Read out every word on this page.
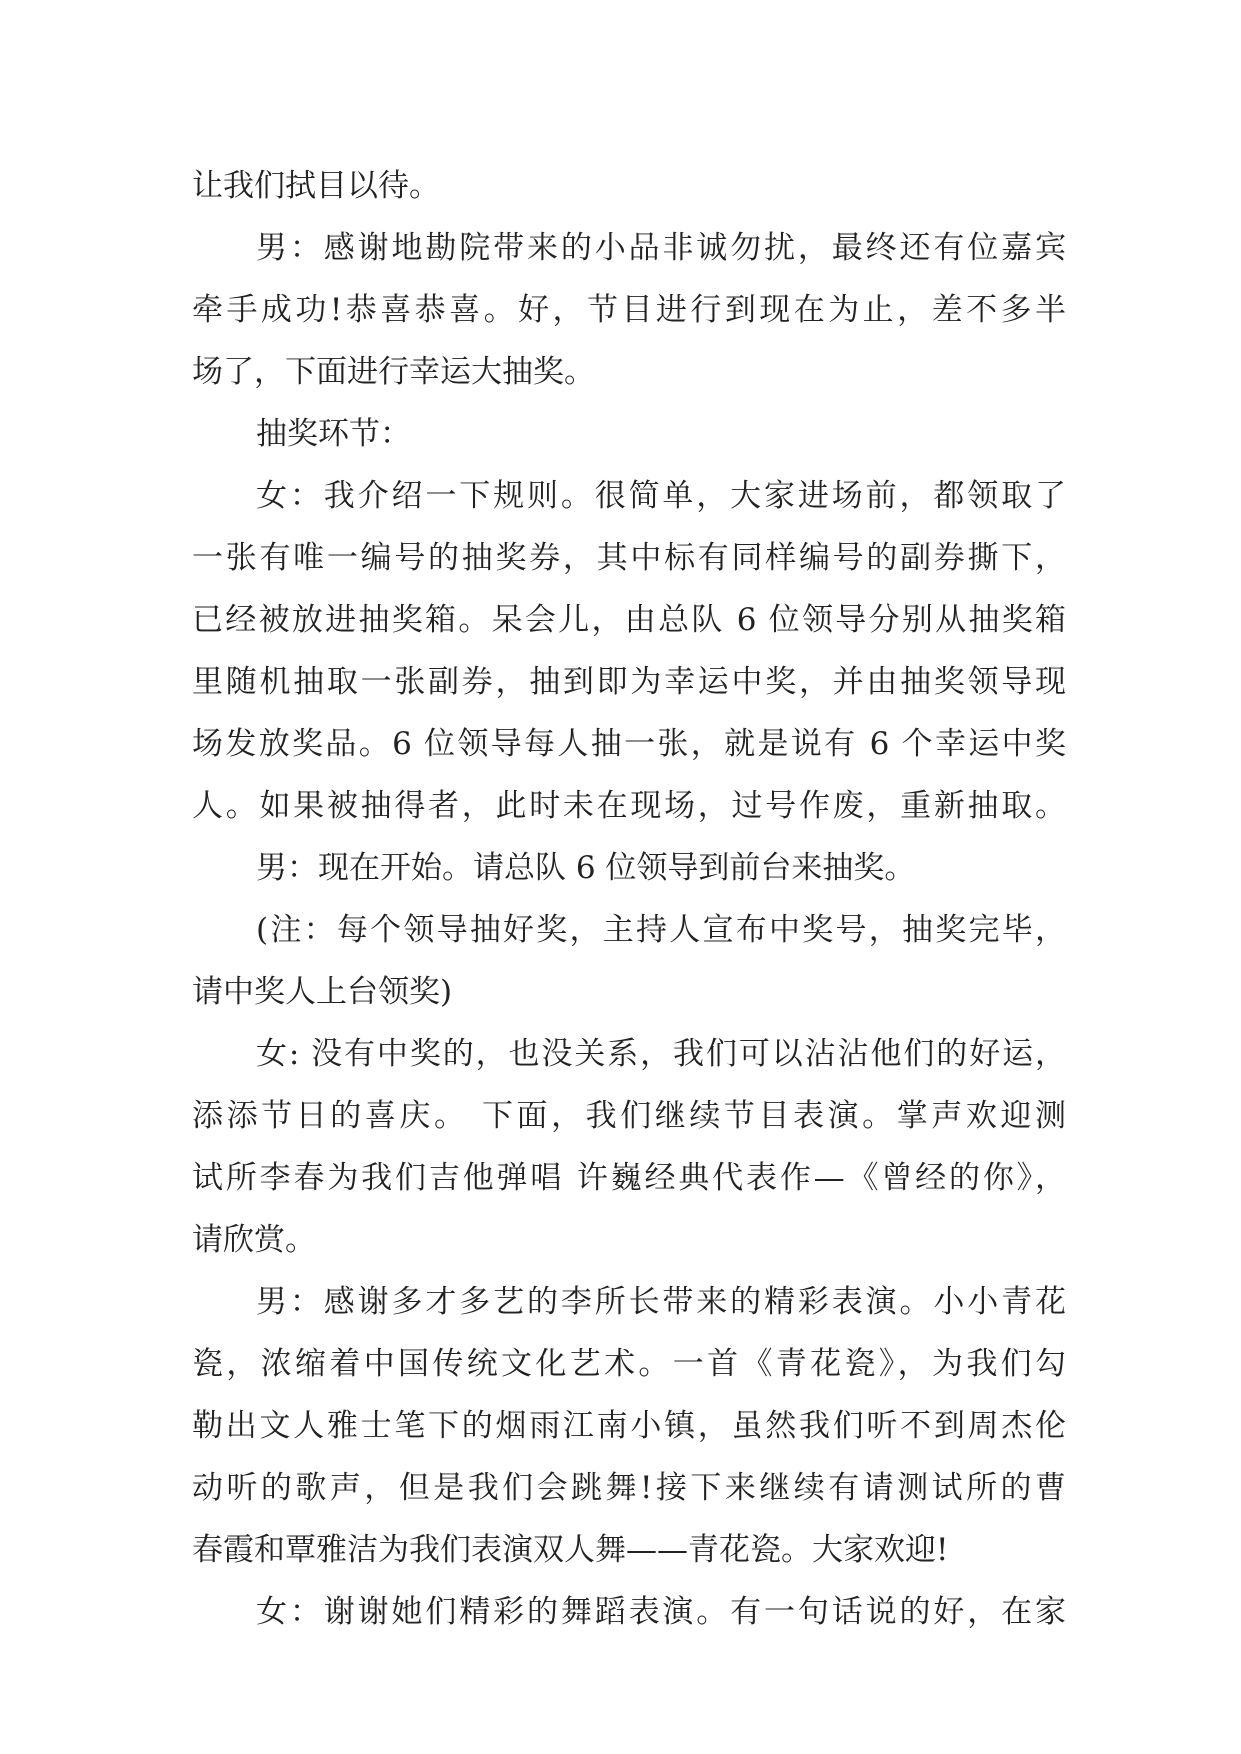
让我们拭目以待。
男：感谢地勘院带来的小品非诚勿扰，最终还有位嘉宾
牵手成功!恭喜恭喜。好，节目进行到现在为止，差不多半
场了，下面进行幸运大抽奖。
抽奖环节：
女：我介绍一下规则。很简单，大家进场前，都领取了
一张有唯一编号的抽奖券，其中标有同样编号的副券撕下，
已经被放进抽奖箱。呆会儿，由总队 6 位领导分别从抽奖箱
里随机抽取一张副券，抽到即为幸运中奖，并由抽奖领导现
场发放奖品。6 位领导每人抽一张，就是说有 6 个幸运中奖
人。如果被抽得者，此时未在现场，过号作废，重新抽取。
男：现在开始。请总队 6 位领导到前台来抽奖。
(注：每个领导抽好奖，主持人宣布中奖号，抽奖完毕，
请中奖人上台领奖)
女: 没有中奖的，也没关系，我们可以沾沾他们的好运，
添添节日的喜庆。 下面，我们继续节目表演。掌声欢迎测
试所李春为我们吉他弹唱 许巍经典代表作—《曾经的你》，
请欣赏。
男：感谢多才多艺的李所长带来的精彩表演。小小青花
瓷，浓缩着中国传统文化艺术。一首《青花瓷》，为我们勾
勒出文人雅士笔下的烟雨江南小镇，虽然我们听不到周杰伦
动听的歌声，但是我们会跳舞!接下来继续有请测试所的曹
春霞和覃雅洁为我们表演双人舞——青花瓷。大家欢迎!
女：谢谢她们精彩的舞蹈表演。有一句话说的好，在家
